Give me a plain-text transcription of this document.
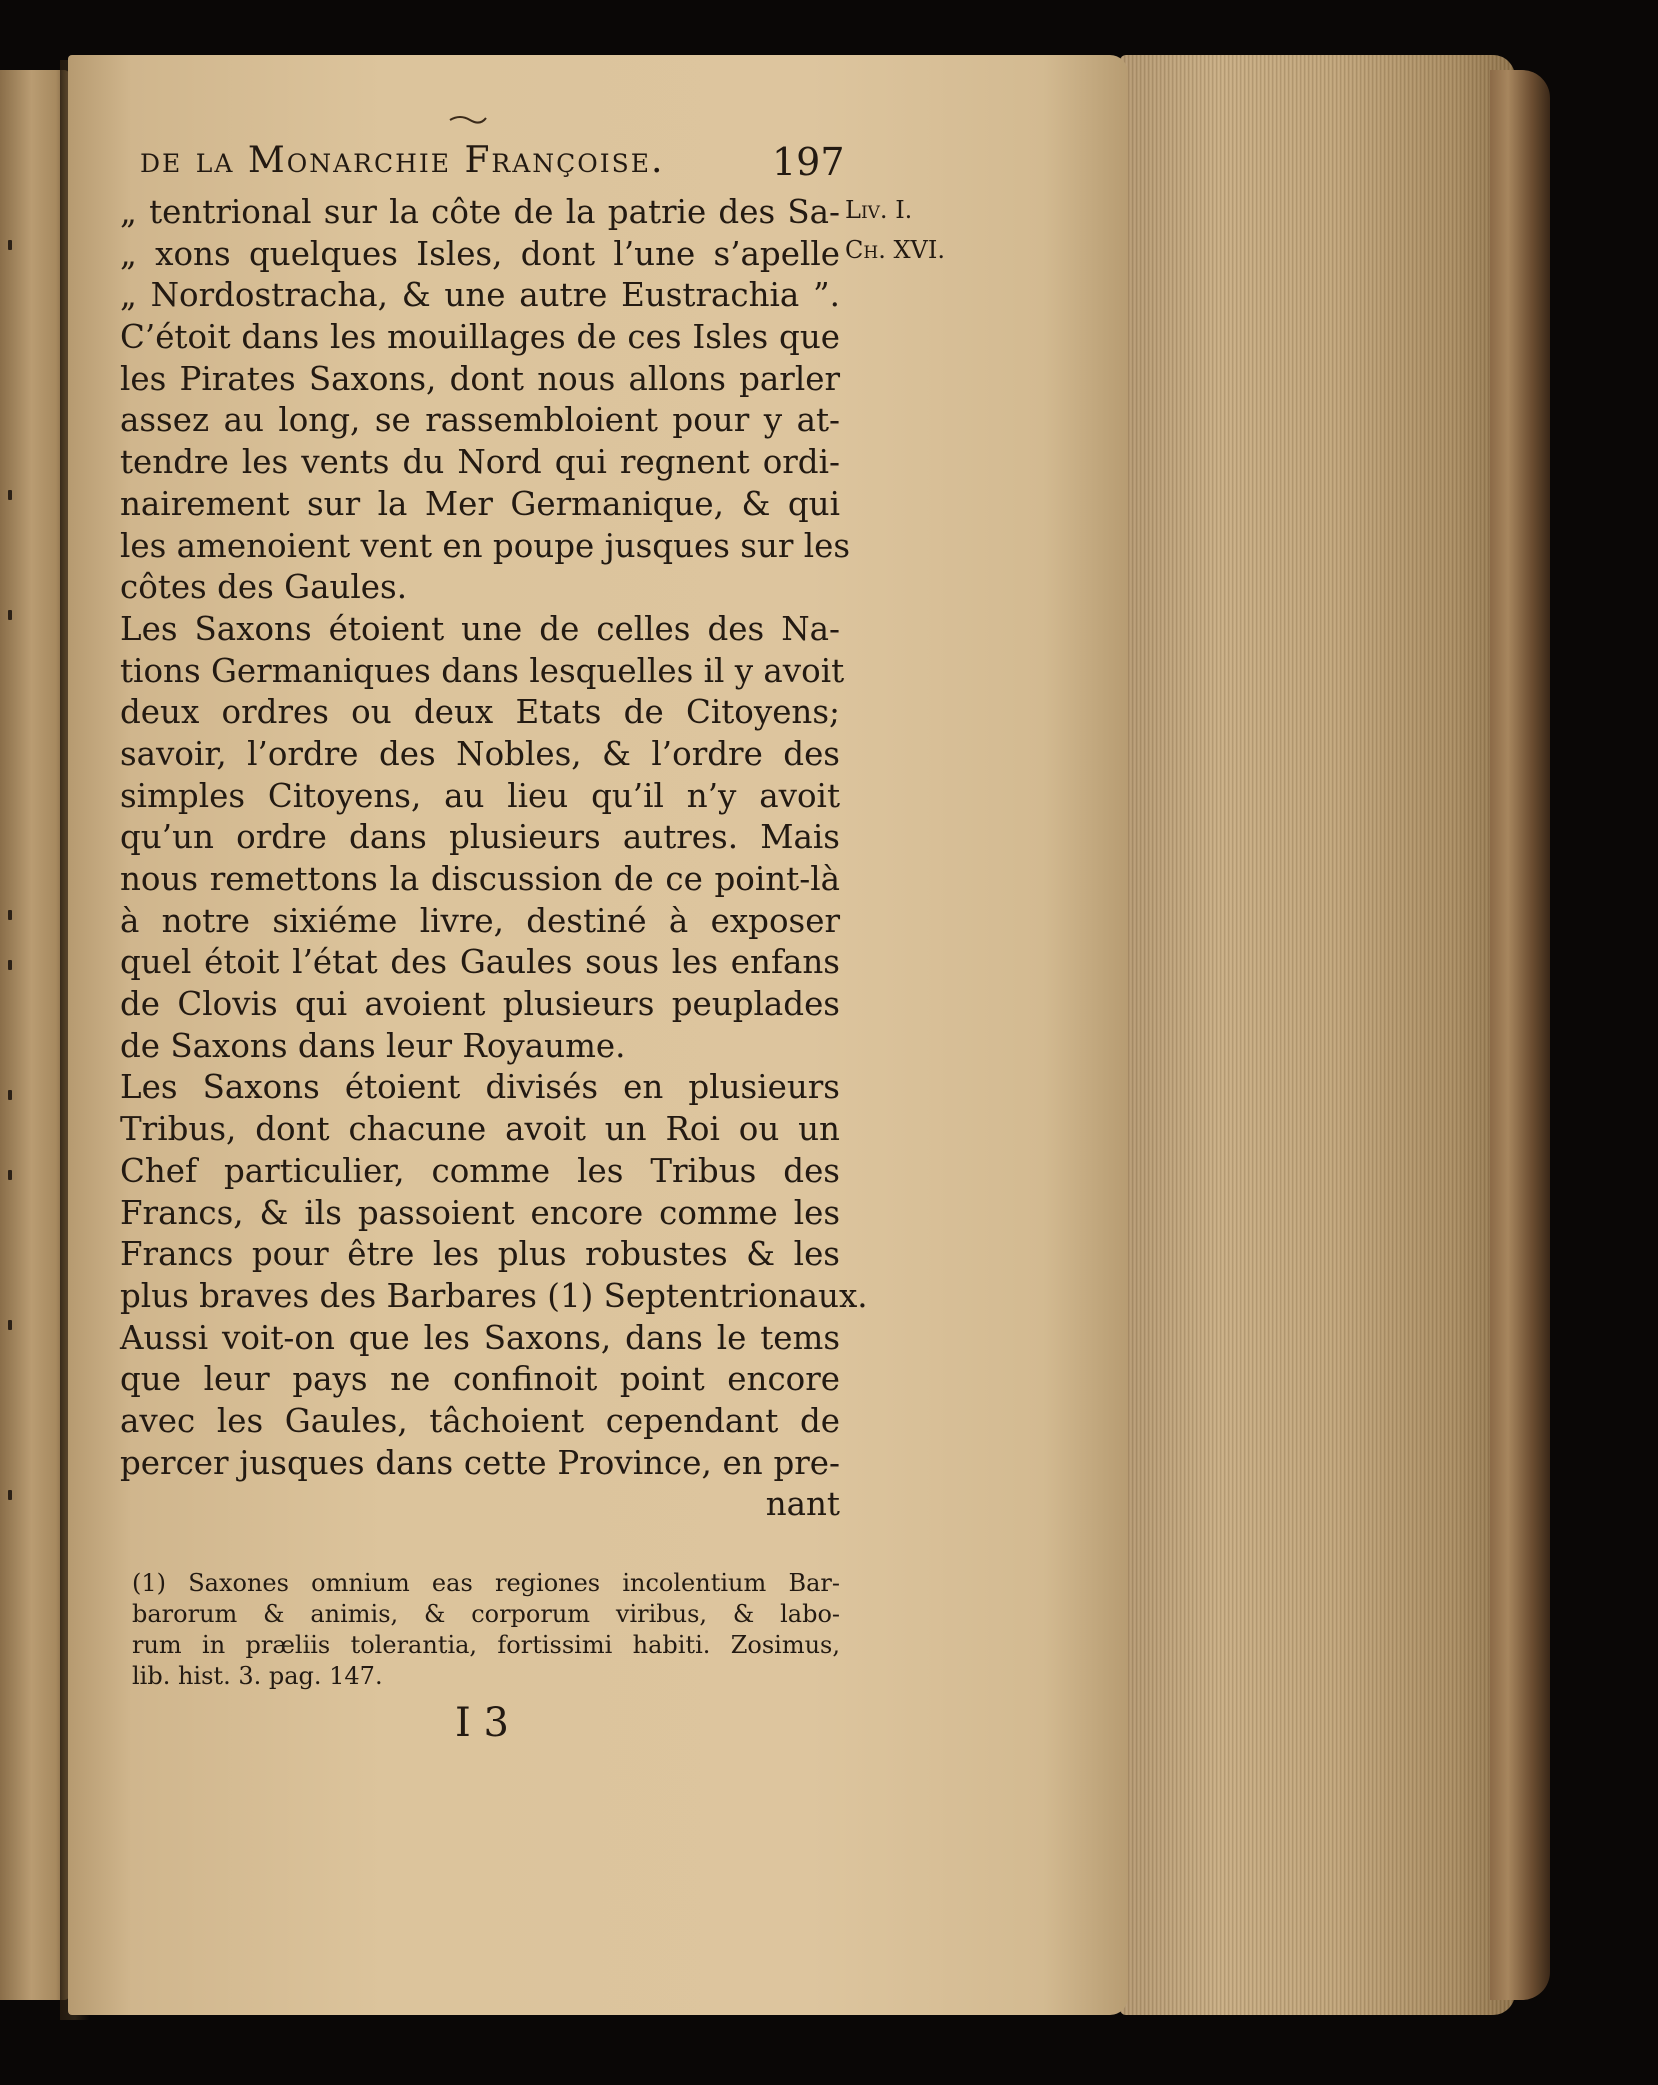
de la Monarchie Françoise.	197
Liv. I.
Ch. XVI.
„ tentrional sur la côte de la patrie des Sa-
„ xons quelques Isles, dont l’une s’apelle
„ Nordostracha, & une autre Eustrachia ”.
C’étoit dans les mouillages de ces Isles que
les Pirates Saxons, dont nous allons parler
assez au long, se rassembloient pour y at-
tendre les vents du Nord qui regnent ordi-
nairement sur la Mer Germanique, & qui
les amenoient vent en poupe jusques sur les
côtes des Gaules.
Les Saxons étoient une de celles des Na-
tions Germaniques dans lesquelles il y avoit
deux ordres ou deux Etats de Citoyens;
savoir, l’ordre des Nobles, & l’ordre des
simples Citoyens, au lieu qu’il n’y avoit
qu’un ordre dans plusieurs autres. Mais
nous remettons la discussion de ce point-là
à notre sixiéme livre, destiné à exposer
quel étoit l’état des Gaules sous les enfans
de Clovis qui avoient plusieurs peuplades
de Saxons dans leur Royaume.
Les Saxons étoient divisés en plusieurs
Tribus, dont chacune avoit un Roi ou un
Chef particulier, comme les Tribus des
Francs, & ils passoient encore comme les
Francs pour être les plus robustes & les
plus braves des Barbares (1) Septentrionaux.
Aussi voit-on que les Saxons, dans le tems
que leur pays ne confinoit point encore
avec les Gaules, tâchoient cependant de
percer jusques dans cette Province, en pre-
nant
(1) Saxones omnium eas regiones incolentium Bar-
barorum & animis, & corporum viribus, & labo-
rum in præliis tolerantia, fortissimi habiti. Zosimus,
lib. hist. 3. pag. 147.
I 3
